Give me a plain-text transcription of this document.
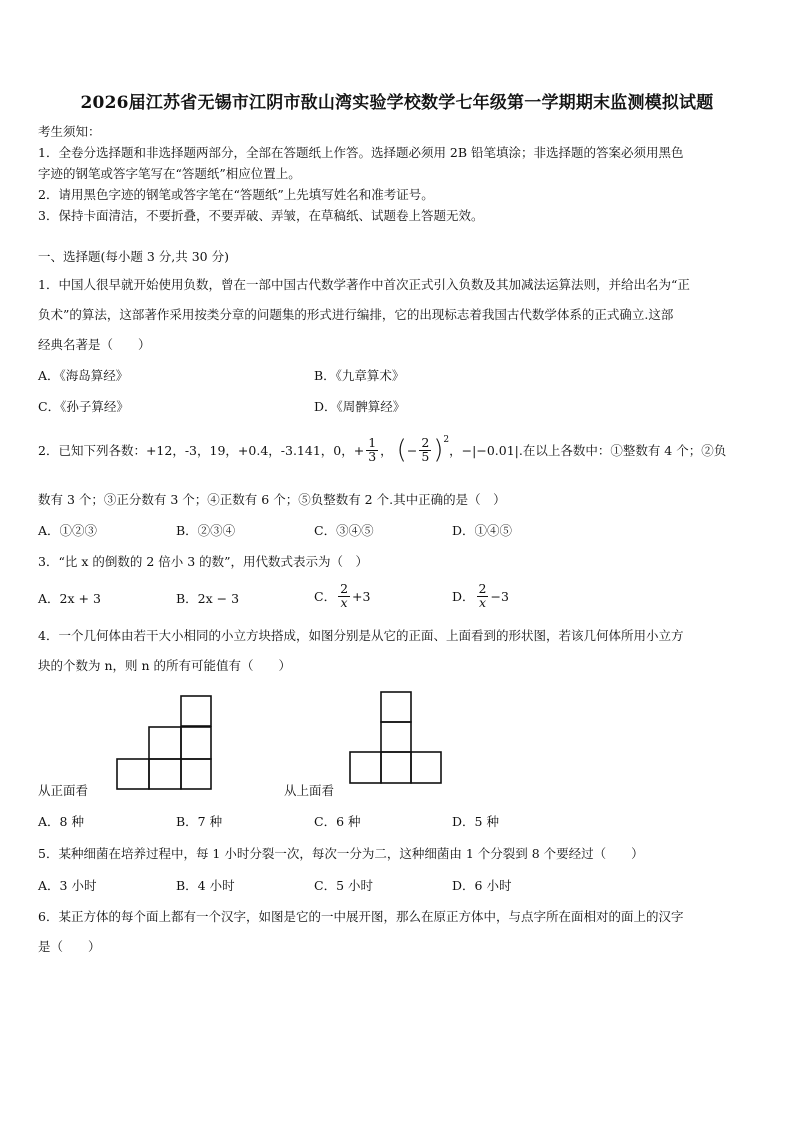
2026届江苏省无锡市江阴市敔山湾实验学校数学七年级第一学期期末监测模拟试题
考生须知：
1．全卷分选择题和非选择题两部分，全部在答题纸上作答。选择题必须用 2B 铅笔填涂；非选择题的答案必须用黑色
字迹的钢笔或答字笔写在“答题纸”相应位置上。
2．请用黑色字迹的钢笔或答字笔在“答题纸”上先填写姓名和准考证号。
3．保持卡面清洁，不要折叠，不要弄破、弄皱，在草稿纸、试题卷上答题无效。
一、选择题(每小题 3 分,共 30 分)
1．中国人很早就开始使用负数，曾在一部中国古代数学著作中首次正式引入负数及其加减法运算法则，并给出名为“正
负术”的算法，这部著作采用按类分章的问题集的形式进行编排，它的出现标志着我国古代数学体系的正式确立.这部
经典名著是（　　）
A．《海岛算经》	B．《九章算术》
C．《孙子算经》	D．《周髀算经》
2．已知下列各数：+12，-3，19，+0.4，-3.141，0，+ $\frac{1}{3}$ ， ( − $\frac{2}{5} )^2$
，−|−0.01|.在以上各数中：①整数有 4 个；②负
数有 3 个；③正分数有 3 个；④正数有 6 个；⑤负整数有 2 个.其中正确的是（　）
A．①②③	B．②③④	C．③④⑤	D．①④⑤
3．“比 x 的倒数的 2 倍小 3 的数”，用代数式表示为（　）
A．2x + 3	B．2x − 3	C． $\frac{2}{x} +3$	D． $\frac{2}{x} -3$
4．一个几何体由若干大小相同的小立方块搭成，如图分别是从它的正面、上面看到的形状图，若该几何体所用小立方
块的个数为 n，则 n 的所有可能值有（　　）
从正面看	从上面看
A．8 种	B．7 种	C．6 种	D．5 种
5．某种细菌在培养过程中，每 1 小时分裂一次，每次一分为二，这种细菌由 1 个分裂到 8 个要经过（　　）
A．3 小时	B．4 小时	C．5 小时	D．6 小时
6．某正方体的每个面上都有一个汉字，如图是它的一中展开图，那么在原正方体中，与点字所在面相对的面上的汉字
是（　　）
